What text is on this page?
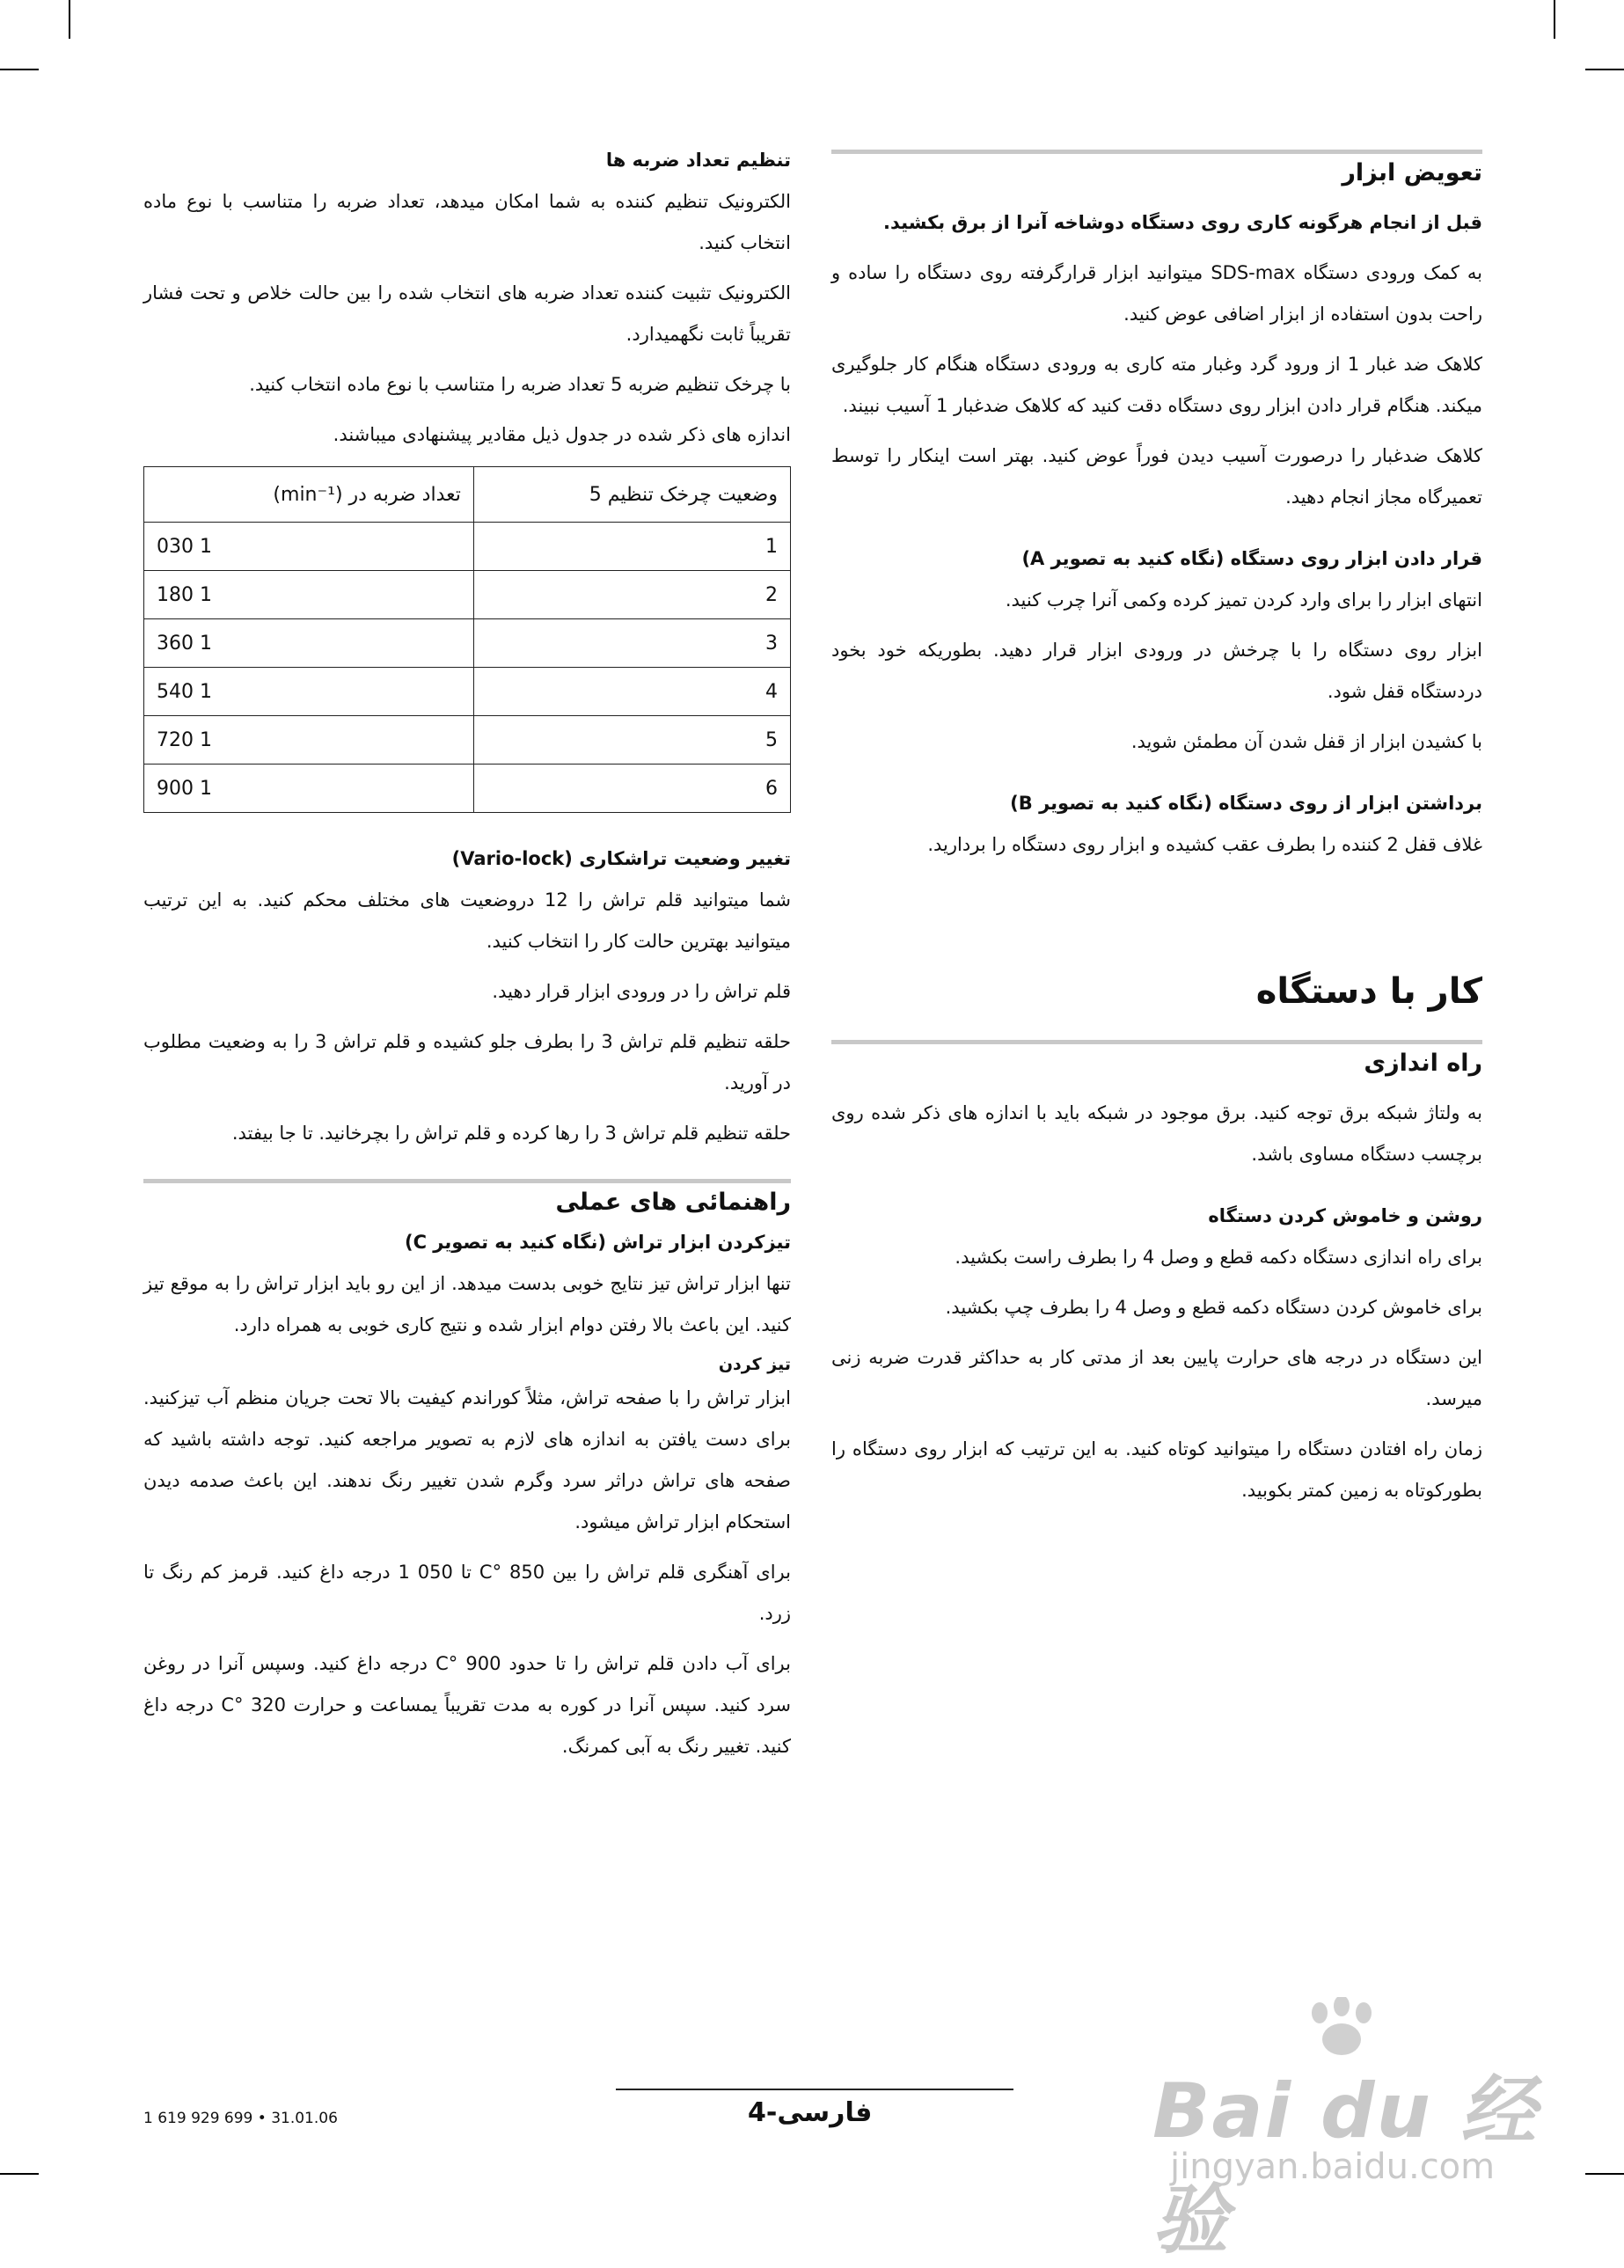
تعویض ابزار

قبل از انجام هرگونه کاری روی دستگاه دوشاخه آنرا از برق بکشید.

به کمک ورودی دستگاه SDS-max میتوانید ابزار قرارگرفته روی دستگاه را ساده و راحت بدون استفاده از ابزار اضافی عوض کنید.

کلاهک ضد غبار 1 از ورود گرد وغبار مته کاری به ورودی دستگاه هنگام کار جلوگیری میکند. هنگام قرار دادن ابزار روی دستگاه دقت کنید که کلاهک ضدغبار 1 آسیب نبیند.

کلاهک ضدغبار را درصورت آسیب دیدن فوراً عوض کنید. بهتر است اینکار را توسط تعمیرگاه مجاز انجام دهید.

قرار دادن ابزار روی دستگاه (نگاه کنید به تصویر A)

انتهای ابزار را برای وارد کردن تمیز کرده وکمی آنرا چرب کنید.

ابزار روی دستگاه را با چرخش در ورودی ابزار قرار دهید. بطوریکه خود بخود دردستگاه قفل شود.

با کشیدن ابزار از قفل شدن آن مطمئن شوید.

برداشتن ابزار از روی دستگاه (نگاه کنید به تصویر B)

غلاف قفل 2 کننده را بطرف عقب کشیده و ابزار روی دستگاه را بردارید.

کار با دستگاه
راه اندازی

به ولتاژ شبکه برق توجه کنید. برق موجود در شبکه باید با اندازه های ذکر شده روی برچسب دستگاه مساوی باشد.

روشن و خاموش کردن دستگاه

برای راه اندازی دستگاه دکمه قطع و وصل 4 را بطرف راست بکشید.

برای خاموش کردن دستگاه دکمه قطع و وصل 4 را بطرف چپ بکشید.

این دستگاه در درجه های حرارت پایین بعد از مدتی کار به حداکثر قدرت ضربه زنی میرسد.

زمان راه افتادن دستگاه را میتوانید کوتاه کنید. به این ترتیب که ابزار روی دستگاه را بطورکوتاه به زمین کمتر بکوبید.

تنظیم تعداد ضربه ها

الکترونیک تنظیم کننده به شما امکان میدهد، تعداد ضربه را متناسب با نوع ماده انتخاب کنید.

الکترونیک تثبیت کننده تعداد ضربه های انتخاب شده را بین حالت خلاص و تحت فشار تقریباً ثابت نگهمیدارد.

با چرخک تنظیم ضربه 5 تعداد ضربه را متناسب با نوع ماده انتخاب کنید.

اندازه های ذکر شده در جدول ذیل مقادیر پیشنهادی میباشند.

وضعیت چرخک تنظیم 5	تعداد ضربه در (min⁻¹)
1	1 030
2	1 180
3	1 360
4	1 540
5	1 720
6	1 900
تغییر وضعیت تراشکاری (Vario-lock)

شما میتوانید قلم تراش را 12 دروضعیت های مختلف محکم کنید. به این ترتیب میتوانید بهترین حالت کار را انتخاب کنید.

قلم تراش را در ورودی ابزار قرار دهید.

حلقه تنظیم قلم تراش 3 را بطرف جلو کشیده و قلم تراش 3 را به وضعیت مطلوب در آورید.

حلقه تنظیم قلم تراش 3 را رها کرده و قلم تراش را بچرخانید. تا جا بیفتد.

راهنمائی های عملی
تیزکردن ابزار تراش (نگاه کنید به تصویر C)

تنها ابزار تراش تیز نتایج خوبی بدست میدهد. از این رو باید ابزار تراش را به موقع تیز کنید. این باعث بالا رفتن دوام ابزار شده و نتیج کاری خوبی به همراه دارد.

تیز کردن

ابزار تراش را با صفحه تراش، مثلاً کوراندم کیفیت بالا تحت جریان منظم آب تیزکنید. برای دست یافتن به اندازه های لازم به تصویر مراجعه کنید. توجه داشته باشید که صفحه های تراش دراثر سرد وگرم شدن تغییر رنگ ندهند. این باعث صدمه دیدن استحکام ابزار تراش میشود.

برای آهنگری قلم تراش را بین 850 °C تا 050 1 درجه داغ کنید. قرمز کم رنگ تا زرد.

برای آب دادن قلم تراش را تا حدود 900 °C درجه داغ کنید. وسپس آنرا در روغن سرد کنید. سپس آنرا در کوره به مدت تقریباً یمساعت و حرارت 320 °C درجه داغ کنید. تغییر رنگ به آبی کمرنگ.

فارسی-4
1 619 929 699 • 31.01.06	Bai du 经验
jingyan.baidu.com
